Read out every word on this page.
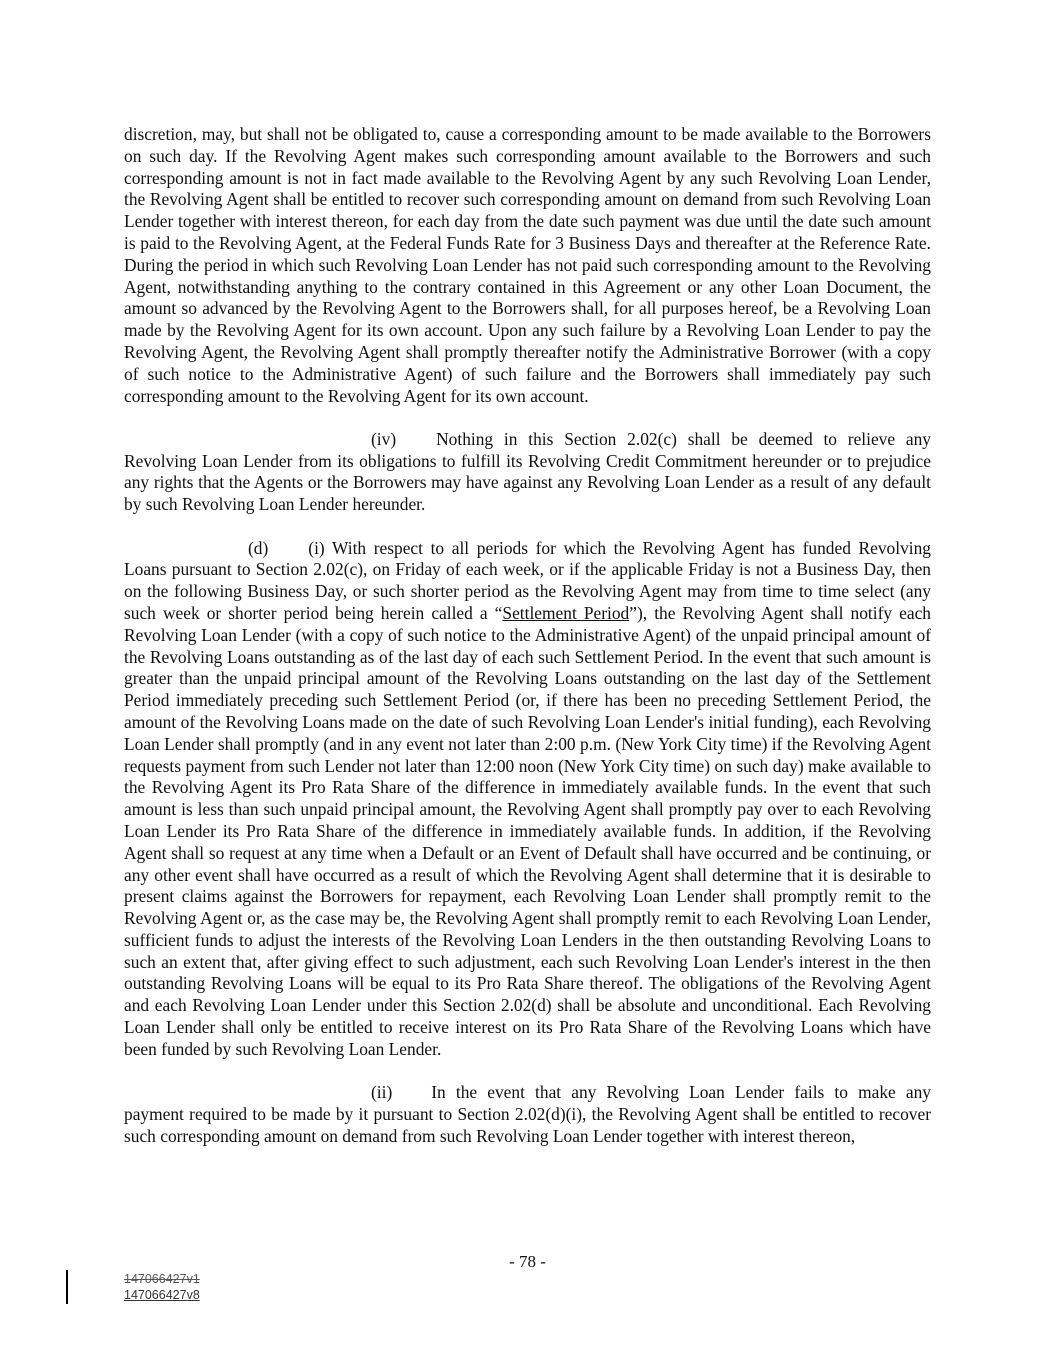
discretion, may, but shall not be obligated to, cause a corresponding amount to be made available to the Borrowers on such day. If the Revolving Agent makes such corresponding amount available to the Borrowers and such corresponding amount is not in fact made available to the Revolving Agent by any such Revolving Loan Lender, the Revolving Agent shall be entitled to recover such corresponding amount on demand from such Revolving Loan Lender together with interest thereon, for each day from the date such payment was due until the date such amount is paid to the Revolving Agent, at the Federal Funds Rate for 3 Business Days and thereafter at the Reference Rate. During the period in which such Revolving Loan Lender has not paid such corresponding amount to the Revolving Agent, notwithstanding anything to the contrary contained in this Agreement or any other Loan Document, the amount so advanced by the Revolving Agent to the Borrowers shall, for all purposes hereof, be a Revolving Loan made by the Revolving Agent for its own account. Upon any such failure by a Revolving Loan Lender to pay the Revolving Agent, the Revolving Agent shall promptly thereafter notify the Administrative Borrower (with a copy of such notice to the Administrative Agent) of such failure and the Borrowers shall immediately pay such corresponding amount to the Revolving Agent for its own account.

(iv) Nothing in this Section 2.02(c) shall be deemed to relieve any Revolving Loan Lender from its obligations to fulfill its Revolving Credit Commitment hereunder or to prejudice any rights that the Agents or the Borrowers may have against any Revolving Loan Lender as a result of any default by such Revolving Loan Lender hereunder.

(d) (i) With respect to all periods for which the Revolving Agent has funded Revolving Loans pursuant to Section 2.02(c), on Friday of each week, or if the applicable Friday is not a Business Day, then on the following Business Day, or such shorter period as the Revolving Agent may from time to time select (any such week or shorter period being herein called a “Settlement Period”), the Revolving Agent shall notify each Revolving Loan Lender (with a copy of such notice to the Administrative Agent) of the unpaid principal amount of the Revolving Loans outstanding as of the last day of each such Settlement Period. In the event that such amount is greater than the unpaid principal amount of the Revolving Loans outstanding on the last day of the Settlement Period immediately preceding such Settlement Period (or, if there has been no preceding Settlement Period, the amount of the Revolving Loans made on the date of such Revolving Loan Lender's initial funding), each Revolving Loan Lender shall promptly (and in any event not later than 2:00 p.m. (New York City time) if the Revolving Agent requests payment from such Lender not later than 12:00 noon (New York City time) on such day) make available to the Revolving Agent its Pro Rata Share of the difference in immediately available funds. In the event that such amount is less than such unpaid principal amount, the Revolving Agent shall promptly pay over to each Revolving Loan Lender its Pro Rata Share of the difference in immediately available funds. In addition, if the Revolving Agent shall so request at any time when a Default or an Event of Default shall have occurred and be continuing, or any other event shall have occurred as a result of which the Revolving Agent shall determine that it is desirable to present claims against the Borrowers for repayment, each Revolving Loan Lender shall promptly remit to the Revolving Agent or, as the case may be, the Revolving Agent shall promptly remit to each Revolving Loan Lender, sufficient funds to adjust the interests of the Revolving Loan Lenders in the then outstanding Revolving Loans to such an extent that, after giving effect to such adjustment, each such Revolving Loan Lender's interest in the then outstanding Revolving Loans will be equal to its Pro Rata Share thereof. The obligations of the Revolving Agent and each Revolving Loan Lender under this Section 2.02(d) shall be absolute and unconditional. Each Revolving Loan Lender shall only be entitled to receive interest on its Pro Rata Share of the Revolving Loans which have been funded by such Revolving Loan Lender.

(ii) In the event that any Revolving Loan Lender fails to make any payment required to be made by it pursuant to Section 2.02(d)(i), the Revolving Agent shall be entitled to recover such corresponding amount on demand from such Revolving Loan Lender together with interest thereon,

- 78 -
147066427v1
147066427v8
